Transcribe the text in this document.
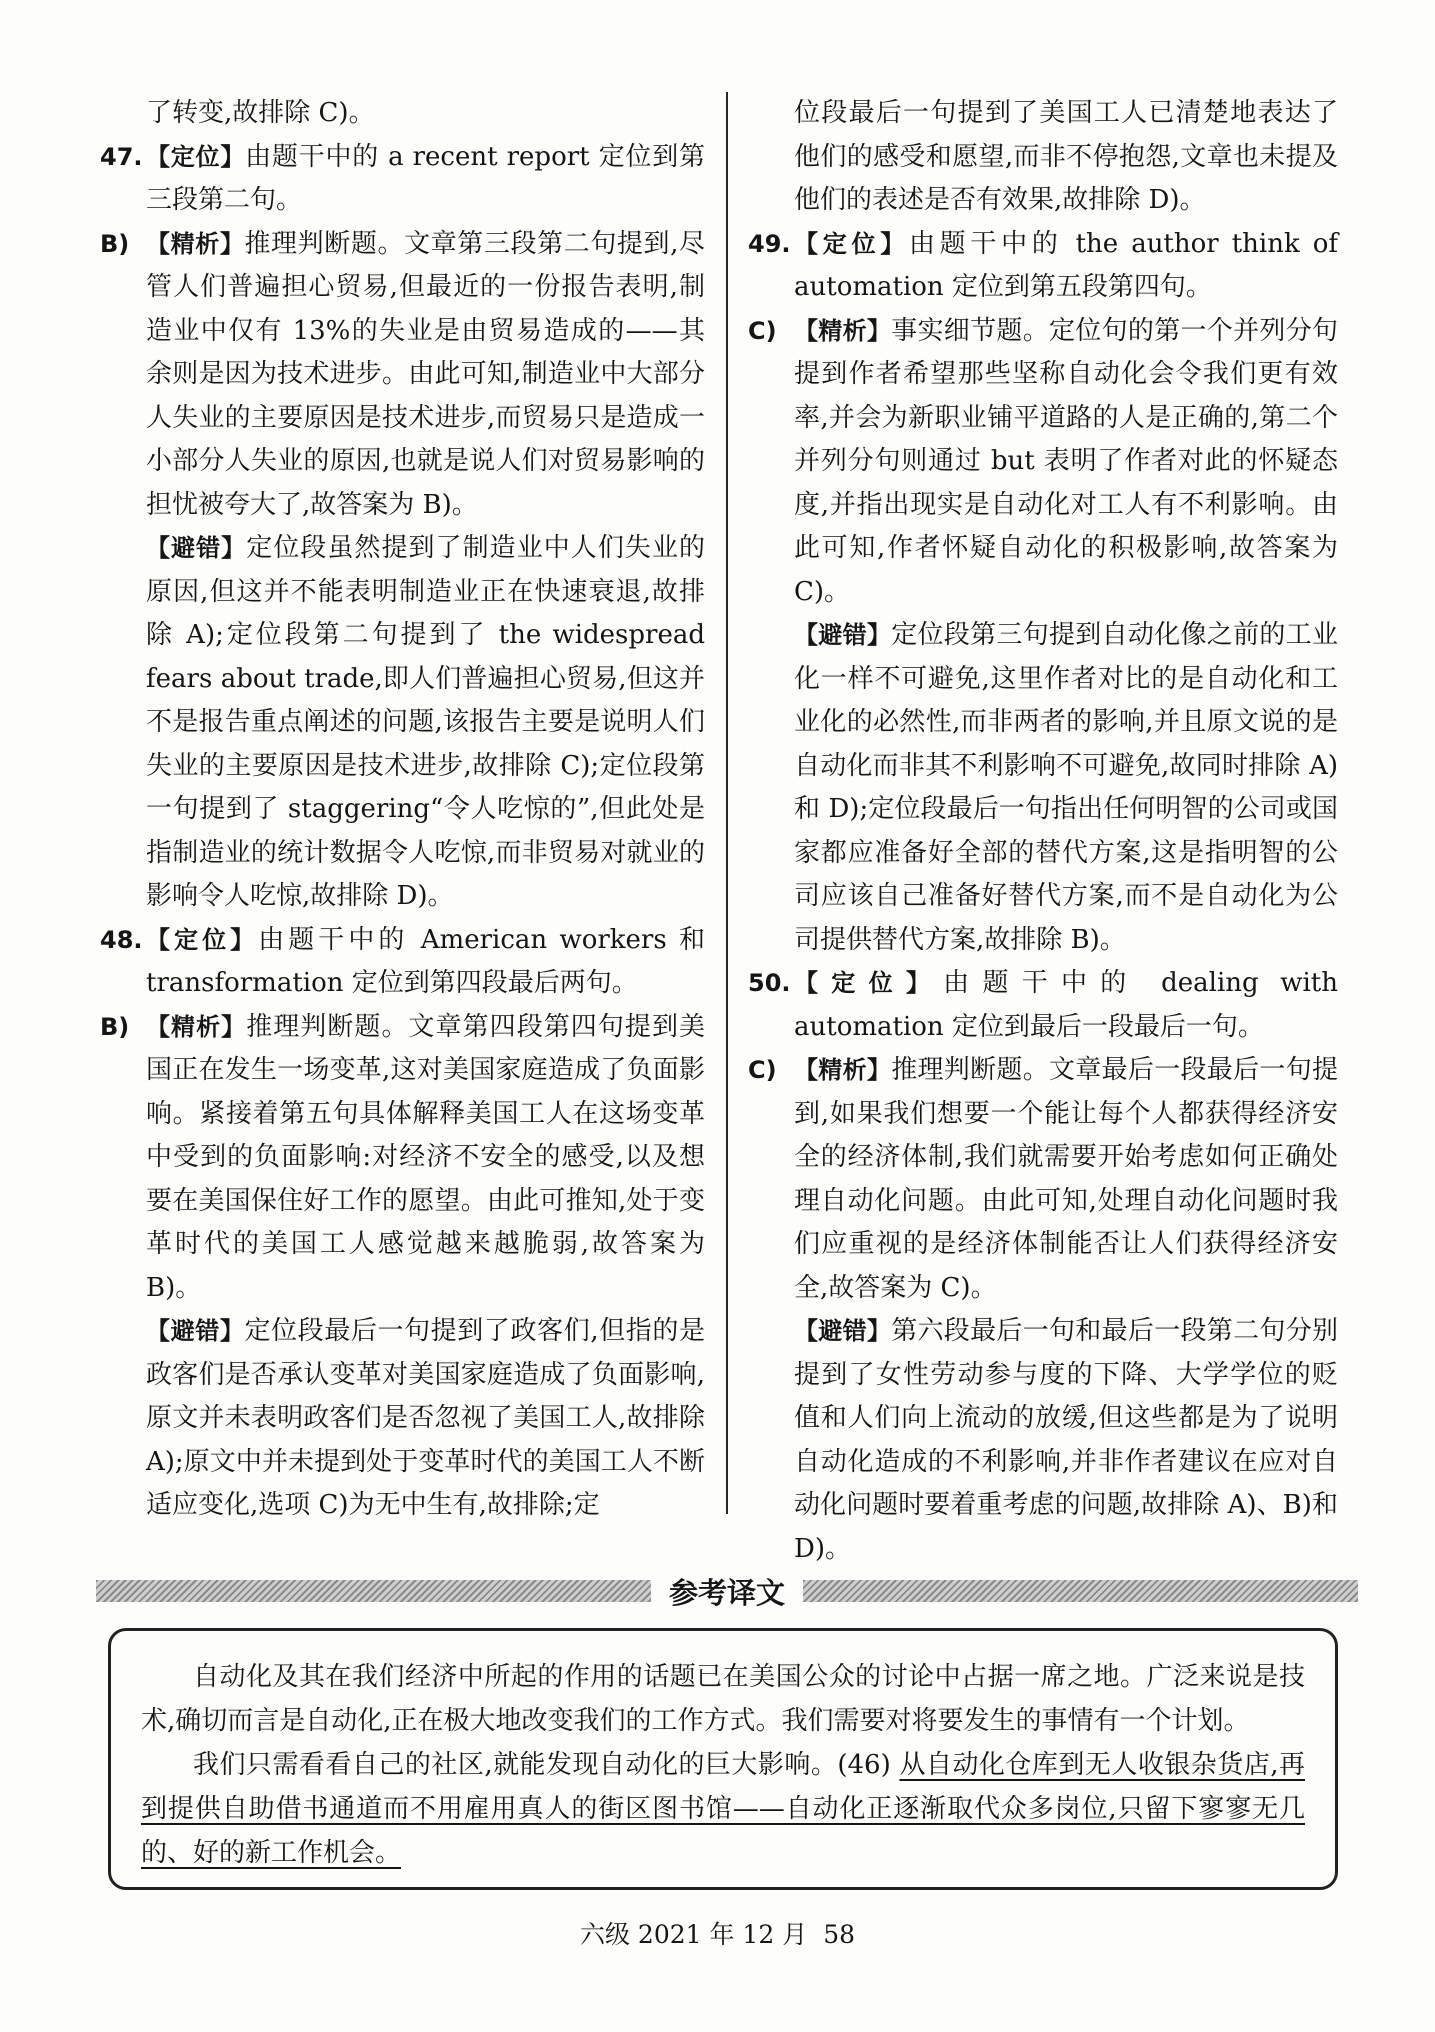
了转变,故排除 C)。

47. 【定位】由题干中的 a recent report 定位到第三段第二句。

B) 【精析】推理判断题。文章第三段第二句提到,尽管人们普遍担心贸易,但最近的一份报告表明,制造业中仅有 13%的失业是由贸易造成的——其余则是因为技术进步。由此可知,制造业中大部分人失业的主要原因是技术进步,而贸易只是造成一小部分人失业的原因,也就是说人们对贸易影响的担忧被夸大了,故答案为 B)。

【避错】定位段虽然提到了制造业中人们失业的原因,但这并不能表明制造业正在快速衰退,故排除 A);定位段第二句提到了 the widespread fears about trade,即人们普遍担心贸易,但这并不是报告重点阐述的问题,该报告主要是说明人们失业的主要原因是技术进步,故排除 C);定位段第一句提到了 staggering“令人吃惊的”,但此处是指制造业的统计数据令人吃惊,而非贸易对就业的影响令人吃惊,故排除 D)。

48. 【定位】由题干中的 American workers 和 transformation 定位到第四段最后两句。

B) 【精析】推理判断题。文章第四段第四句提到美国正在发生一场变革,这对美国家庭造成了负面影响。紧接着第五句具体解释美国工人在这场变革中受到的负面影响:对经济不安全的感受,以及想要在美国保住好工作的愿望。由此可推知,处于变革时代的美国工人感觉越来越脆弱,故答案为 B)。

【避错】定位段最后一句提到了政客们,但指的是政客们是否承认变革对美国家庭造成了负面影响,原文并未表明政客们是否忽视了美国工人,故排除 A);原文中并未提到处于变革时代的美国工人不断适应变化,选项 C)为无中生有,故排除;定

位段最后一句提到了美国工人已清楚地表达了他们的感受和愿望,而非不停抱怨,文章也未提及他们的表述是否有效果,故排除 D)。

49. 【定位】由题干中的 the author think of automation 定位到第五段第四句。

C) 【精析】事实细节题。定位句的第一个并列分句提到作者希望那些坚称自动化会令我们更有效率,并会为新职业铺平道路的人是正确的,第二个并列分句则通过 but 表明了作者对此的怀疑态度,并指出现实是自动化对工人有不利影响。由此可知,作者怀疑自动化的积极影响,故答案为 C)。

【避错】定位段第三句提到自动化像之前的工业化一样不可避免,这里作者对比的是自动化和工业化的必然性,而非两者的影响,并且原文说的是自动化而非其不利影响不可避免,故同时排除 A)和 D);定位段最后一句指出任何明智的公司或国家都应准备好全部的替代方案,这是指明智的公司应该自己准备好替代方案,而不是自动化为公司提供替代方案,故排除 B)。

50. 【定位】由题干中的 dealing with automation 定位到最后一段最后一句。

C) 【精析】推理判断题。文章最后一段最后一句提到,如果我们想要一个能让每个人都获得经济安全的经济体制,我们就需要开始考虑如何正确处理自动化问题。由此可知,处理自动化问题时我们应重视的是经济体制能否让人们获得经济安全,故答案为 C)。

【避错】第六段最后一句和最后一段第二句分别提到了女性劳动参与度的下降、大学学位的贬值和人们向上流动的放缓,但这些都是为了说明自动化造成的不利影响,并非作者建议在应对自动化问题时要着重考虑的问题,故排除 A)、B)和 D)。

参考译文

自动化及其在我们经济中所起的作用的话题已在美国公众的讨论中占据一席之地。广泛来说是技术,确切而言是自动化,正在极大地改变我们的工作方式。我们需要对将要发生的事情有一个计划。

我们只需看看自己的社区,就能发现自动化的巨大影响。(46) 从自动化仓库到无人收银杂货店,再到提供自助借书通道而不用雇用真人的街区图书馆——自动化正逐渐取代众多岗位,只留下寥寥无几的、好的新工作机会。

六级 2021 年 12 月 58
